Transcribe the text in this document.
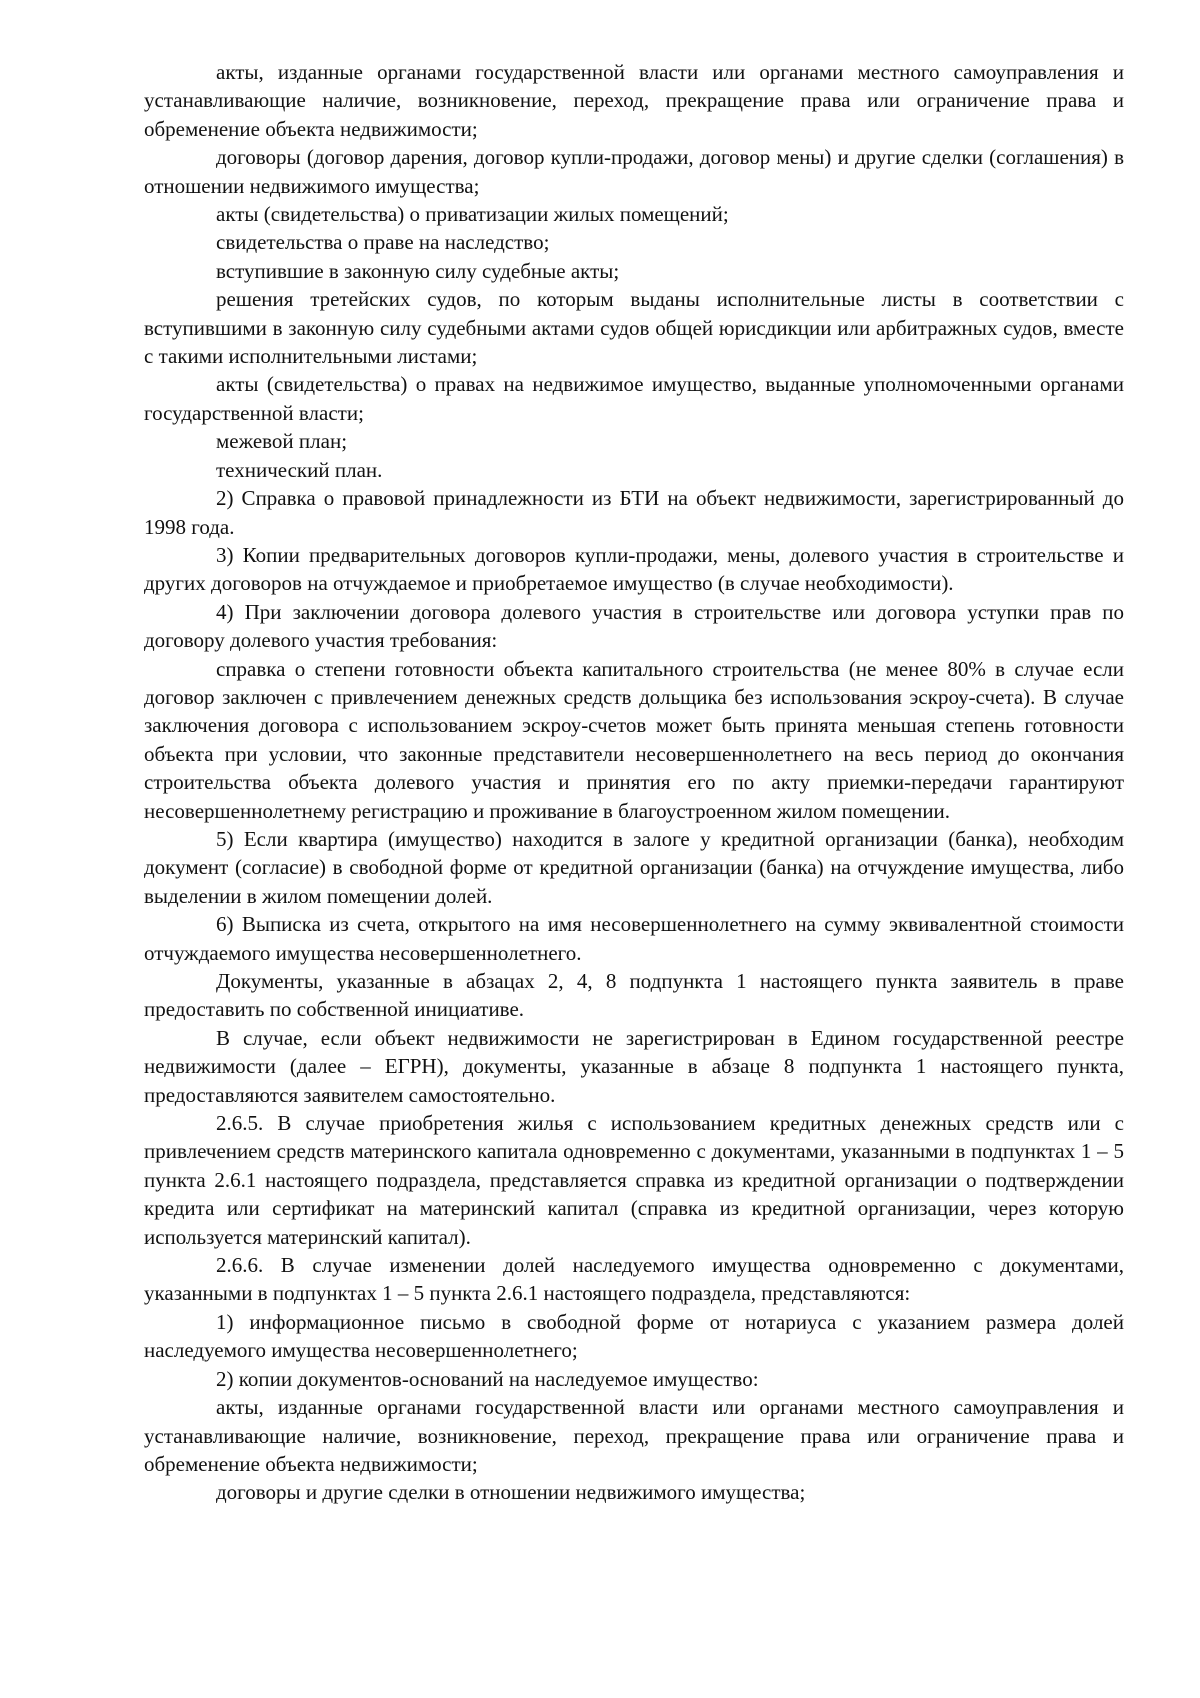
акты, изданные органами государственной власти или органами местного самоуправления и устанавливающие наличие, возникновение, переход, прекращение права или ограничение права и обременение объекта недвижимости;

договоры (договор дарения, договор купли-продажи, договор мены) и другие сделки (соглашения) в отношении недвижимого имущества;

акты (свидетельства) о приватизации жилых помещений;

свидетельства о праве на наследство;

вступившие в законную силу судебные акты;

решения третейских судов, по которым выданы исполнительные листы в соответствии с вступившими в законную силу судебными актами судов общей юрисдикции или арбитражных судов, вместе с такими исполнительными листами;

акты (свидетельства) о правах на недвижимое имущество, выданные уполномоченными органами государственной власти;

межевой план;

технический план.

2) Справка о правовой принадлежности из БТИ на объект недвижимости, зарегистрированный до 1998 года.

3) Копии предварительных договоров купли-продажи, мены, долевого участия в строительстве и других договоров на отчуждаемое и приобретаемое имущество (в случае необходимости).

4) При заключении договора долевого участия в строительстве или договора уступки прав по договору долевого участия требования:

справка о степени готовности объекта капитального строительства (не менее 80% в случае если договор заключен с привлечением денежных средств дольщика без использования эскроу-счета). В случае заключения договора с использованием эскроу-счетов может быть принята меньшая степень готовности объекта при условии, что законные представители несовершеннолетнего на весь период до окончания строительства объекта долевого участия и принятия его по акту приемки-передачи гарантируют несовершеннолетнему регистрацию и проживание в благоустроенном жилом помещении.

5) Если квартира (имущество) находится в залоге у кредитной организации (банка), необходим документ (согласие) в свободной форме от кредитной организации (банка) на отчуждение имущества, либо выделении в жилом помещении долей.

6) Выписка из счета, открытого на имя несовершеннолетнего на сумму эквивалентной стоимости отчуждаемого имущества несовершеннолетнего.

Документы, указанные в абзацах 2, 4, 8 подпункта 1 настоящего пункта заявитель в праве предоставить по собственной инициативе.

В случае, если объект недвижимости не зарегистрирован в Едином государственной реестре недвижимости (далее – ЕГРН), документы, указанные в абзаце 8 подпункта 1 настоящего пункта, предоставляются заявителем самостоятельно.

2.6.5. В случае приобретения жилья с использованием кредитных денежных средств или с привлечением средств материнского капитала одновременно с документами, указанными в подпунктах 1 – 5 пункта 2.6.1 настоящего подраздела, представляется справка из кредитной организации о подтверждении кредита или сертификат на материнский капитал (справка из кредитной организации, через которую используется материнский капитал).

2.6.6. В случае изменении долей наследуемого имущества одновременно с документами, указанными в подпунктах 1 – 5 пункта 2.6.1 настоящего подраздела, представляются:

1) информационное письмо в свободной форме от нотариуса с указанием размера долей наследуемого имущества несовершеннолетнего;

2) копии документов-оснований на наследуемое имущество:

акты, изданные органами государственной власти или органами местного самоуправления и устанавливающие наличие, возникновение, переход, прекращение права или ограничение права и обременение объекта недвижимости;

договоры и другие сделки в отношении недвижимого имущества;
